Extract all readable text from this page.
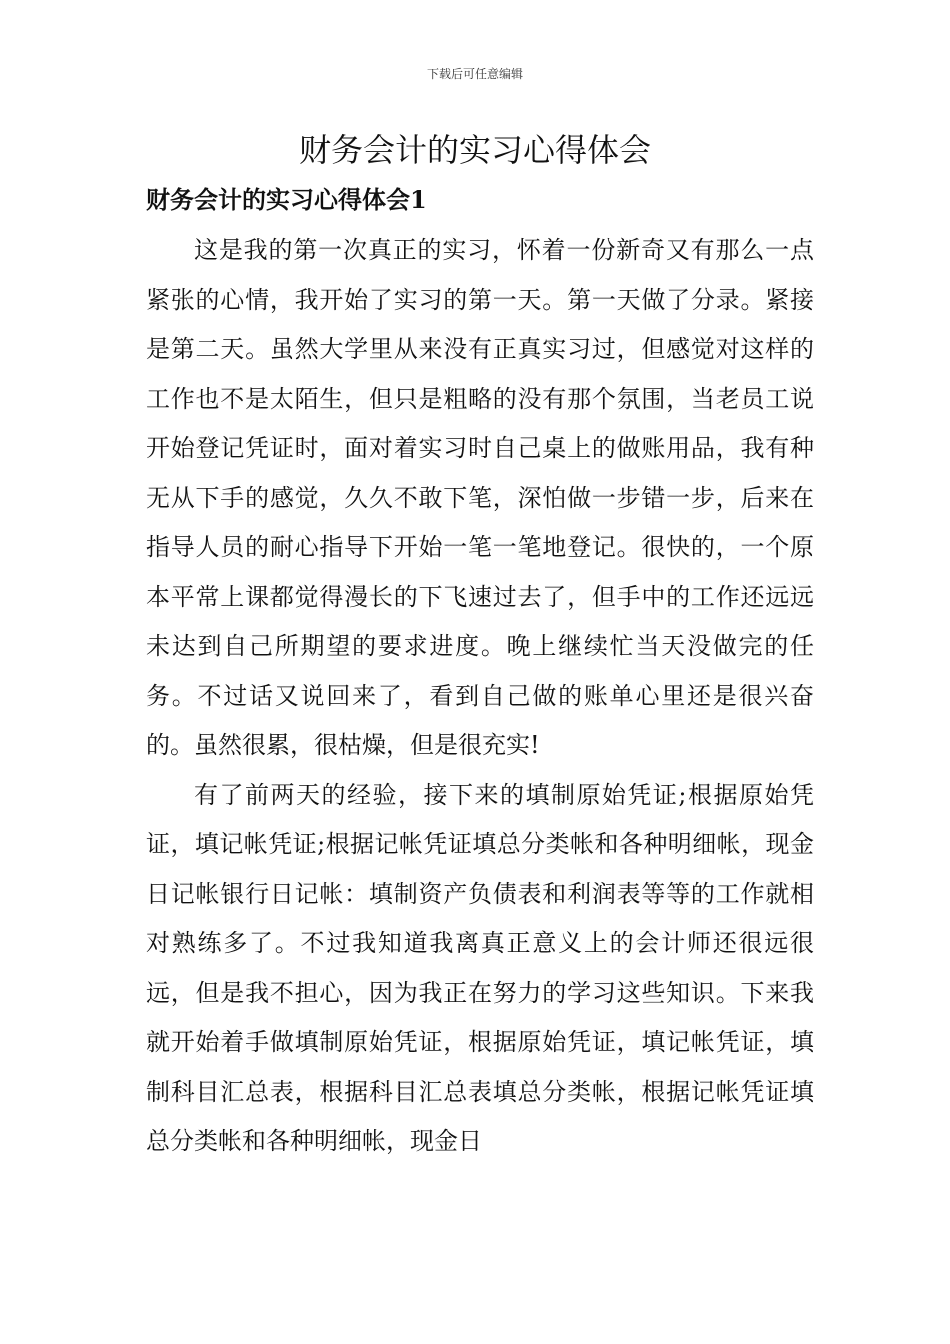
下载后可任意编辑
财务会计的实习心得体会
财务会计的实习心得体会1

这是我的第一次真正的实习，怀着一份新奇又有那么一点紧张的心情，我开始了实习的第一天。第一天做了分录。紧接是第二天。虽然大学里从来没有正真实习过，但感觉对这样的工作也不是太陌生，但只是粗略的没有那个氛围，当老员工说开始登记凭证时，面对着实习时自己桌上的做账用品，我有种无从下手的感觉，久久不敢下笔，深怕做一步错一步，后来在指导人员的耐心指导下开始一笔一笔地登记。很快的，一个原本平常上课都觉得漫长的下飞速过去了，但手中的工作还远远未达到自己所期望的要求进度。晚上继续忙当天没做完的任务。不过话又说回来了，看到自己做的账单心里还是很兴奋的。虽然很累，很枯燥，但是很充实!

有了前两天的经验，接下来的填制原始凭证;根据原始凭证，填记帐凭证;根据记帐凭证填总分类帐和各种明细帐，现金日记帐银行日记帐：填制资产负债表和利润表等等的工作就相对熟练多了。不过我知道我离真正意义上的会计师还很远很远，但是我不担心，因为我正在努力的学习这些知识。下来我就开始着手做填制原始凭证，根据原始凭证，填记帐凭证，填制科目汇总表，根据科目汇总表填总分类帐，根据记帐凭证填总分类帐和各种明细帐，现金日
